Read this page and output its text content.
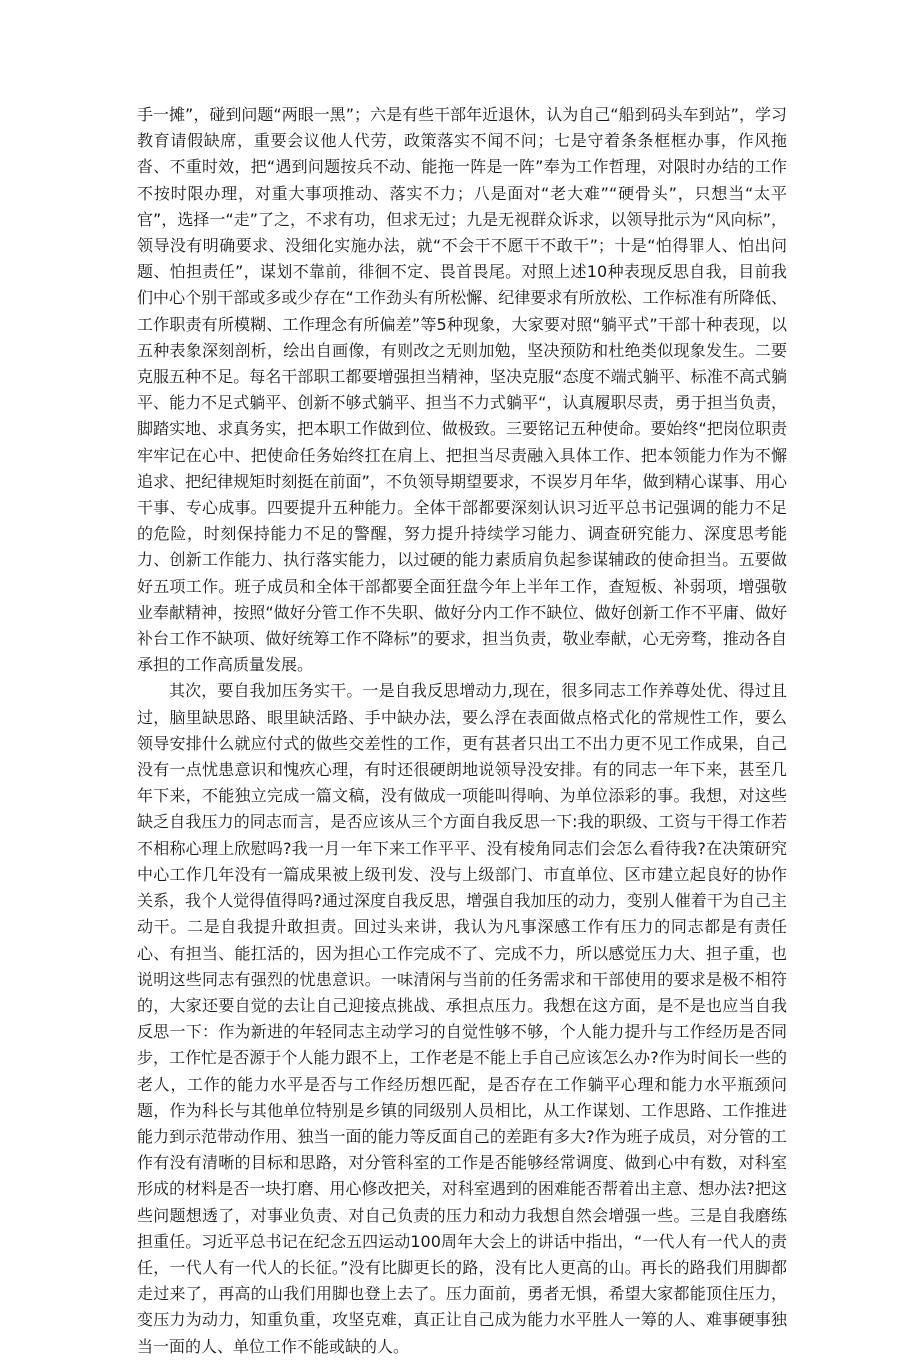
手一摊”，碰到问题“两眼一黑”；六是有些干部年近退休，认为自己“船到码头车到站”，学习教育请假缺席，重要会议他人代劳，政策落实不闻不问；七是守着条条框框办事，作风拖沓、不重时效，把“遇到问题按兵不动、能拖一阵是一阵”奉为工作哲理，对限时办结的工作不按时限办理，对重大事项推动、落实不力；八是面对“老大难”“硬骨头”，只想当“太平官”，选择一“走”了之，不求有功，但求无过；九是无视群众诉求，以领导批示为“风向标”，领导没有明确要求、没细化实施办法，就“不会干不愿干不敢干”；十是“怕得罪人、怕出问题、怕担责任”，谋划不靠前，徘徊不定、畏首畏尾。对照上述10种表现反思自我，目前我们中心个别干部或多或少存在“工作劲头有所松懈、纪律要求有所放松、工作标准有所降低、工作职责有所模糊、工作理念有所偏差”等5种现象，大家要对照“躺平式”干部十种表现，以五种表象深刻剖析，绘出自画像，有则改之无则加勉，坚决预防和杜绝类似现象发生。二要克服五种不足。每名干部职工都要增强担当精神，坚决克服“态度不端式躺平、标准不高式躺平、能力不足式躺平、创新不够式躺平、担当不力式躺平“，认真履职尽责，勇于担当负责，脚踏实地、求真务实，把本职工作做到位、做极致。三要铭记五种使命。要始终“把岗位职责牢牢记在心中、把使命任务始终扛在肩上、把担当尽责融入具体工作、把本领能力作为不懈追求、把纪律规矩时刻挺在前面”，不负领导期望要求，不误岁月年华，做到精心谋事、用心干事、专心成事。四要提升五种能力。全体干部都要深刻认识习近平总书记强调的能力不足的危险，时刻保持能力不足的警醒，努力提升持续学习能力、调查研究能力、深度思考能力、创新工作能力、执行落实能力，以过硬的能力素质肩负起参谋辅政的使命担当。五要做好五项工作。班子成员和全体干部都要全面狂盘今年上半年工作，查短板、补弱项，增强敬业奉献精神，按照“做好分管工作不失职、做好分内工作不缺位、做好创新工作不平庸、做好补台工作不缺项、做好统筹工作不降标”的要求，担当负责，敬业奉献，心无旁骛，推动各自承担的工作高质量发展。

其次，要自我加压务实干。一是自我反思增动力,现在，很多同志工作养尊处优、得过且过，脑里缺思路、眼里缺活路、手中缺办法，要么浮在表面做点格式化的常规性工作，要么领导安排什么就应付式的做些交差性的工作，更有甚者只出工不出力更不见工作成果，自己没有一点忧患意识和愧疚心理，有时还很硬朗地说领导没安排。有的同志一年下来，甚至几年下来，不能独立完成一篇文稿，没有做成一项能叫得响、为单位添彩的事。我想，对这些缺乏自我压力的同志而言，是否应该从三个方面自我反思一下:我的职级、工资与干得工作若不相称心理上欣慰吗?我一月一年下来工作平平、没有棱角同志们会怎么看待我?在决策研究中心工作几年没有一篇成果被上级刊发、没与上级部门、市直单位、区市建立起良好的协作关系，我个人觉得值得吗?通过深度自我反思，增强自我加压的动力，变别人催着干为自己主动干。二是自我提升敢担责。回过头来讲，我认为凡事深感工作有压力的同志都是有责任心、有担当、能扛活的，因为担心工作完成不了、完成不力，所以感觉压力大、担子重，也说明这些同志有强烈的忧患意识。一味清闲与当前的任务需求和干部使用的要求是极不相符的，大家还要自觉的去让自己迎接点挑战、承担点压力。我想在这方面，是不是也应当自我反思一下：作为新进的年轻同志主动学习的自觉性够不够，个人能力提升与工作经历是否同步，工作忙是否源于个人能力跟不上，工作老是不能上手自己应该怎么办?作为时间长一些的老人，工作的能力水平是否与工作经历想匹配，是否存在工作躺平心理和能力水平瓶颈问题，作为科长与其他单位特别是乡镇的同级别人员相比，从工作谋划、工作思路、工作推进能力到示范带动作用、独当一面的能力等反面自己的差距有多大?作为班子成员，对分管的工作有没有清晰的目标和思路，对分管科室的工作是否能够经常调度、做到心中有数，对科室形成的材料是否一块打磨、用心修改把关，对科室遇到的困难能否帮着出主意、想办法?把这些问题想透了，对事业负责、对自己负责的压力和动力我想自然会增强一些。三是自我磨练担重任。习近平总书记在纪念五四运动100周年大会上的讲话中指出，“一代人有一代人的责任，一代人有一代人的长征。”没有比脚更长的路，没有比人更高的山。再长的路我们用脚都走过来了，再高的山我们用脚也登上去了。压力面前，勇者无惧，希望大家都能顶住压力，变压力为动力，知重负重，攻坚克难，真正让自己成为能力水平胜人一筹的人、难事硬事独当一面的人、单位工作不能或缺的人。
